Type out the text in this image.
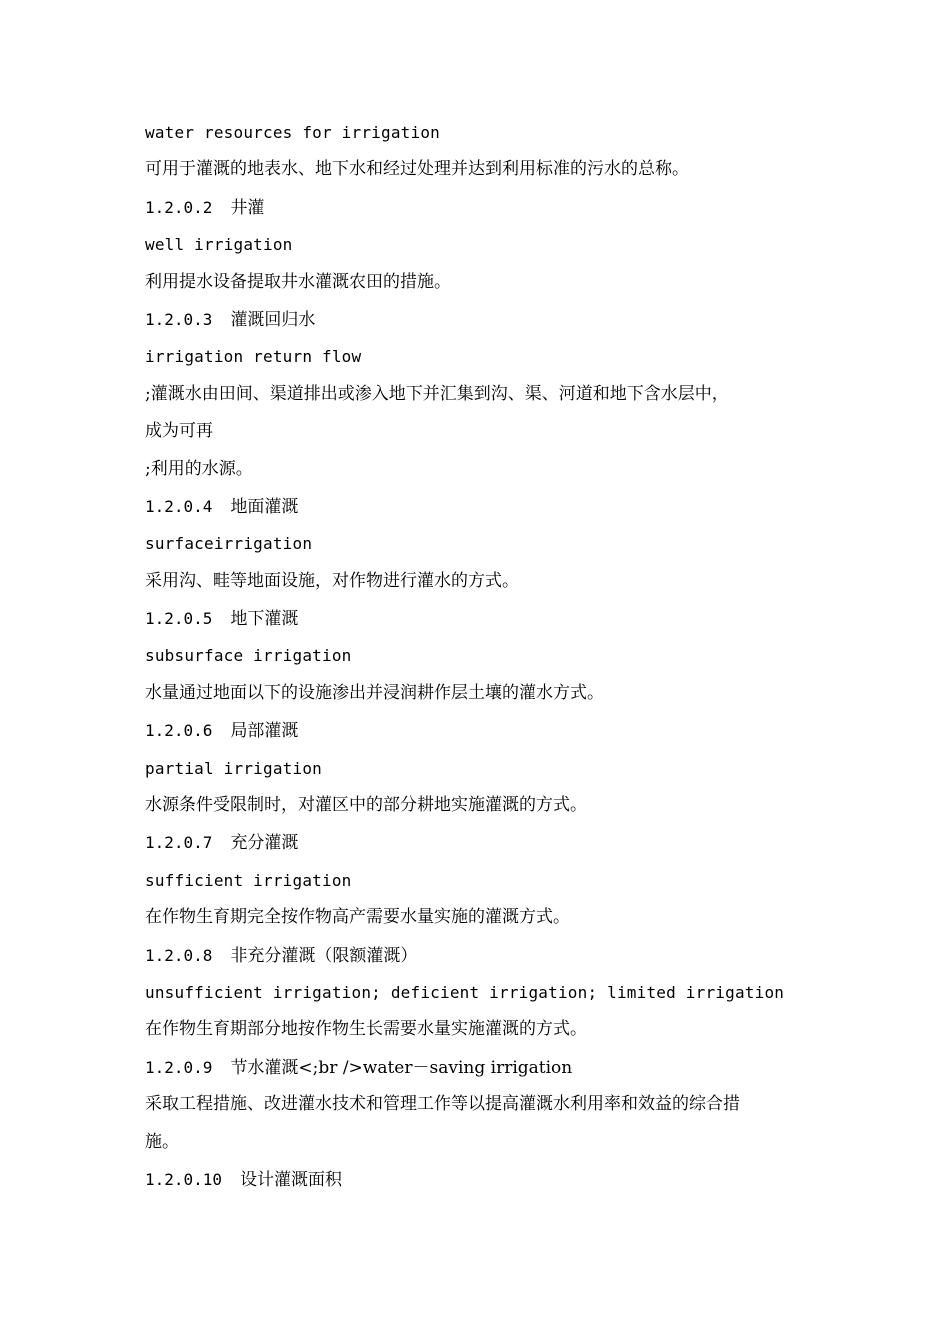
water resources for irrigation
可用于灌溉的地表水、地下水和经过处理并达到利用标准的污水的总称。
1.2.0.2 井灌
well irrigation
利用提水设备提取井水灌溉农田的措施。
1.2.0.3 灌溉回归水
irrigation return flow
;灌溉水由田间、渠道排出或渗入地下并汇集到沟、渠、河道和地下含水层中，
成为可再
;利用的水源。
1.2.0.4 地面灌溉
surfaceirrigation
采用沟、畦等地面设施，对作物进行灌水的方式。
1.2.0.5 地下灌溉
subsurface irrigation
水量通过地面以下的设施渗出并浸润耕作层土壤的灌水方式。
1.2.0.6 局部灌溉
partial irrigation
水源条件受限制时，对灌区中的部分耕地实施灌溉的方式。
1.2.0.7 充分灌溉
sufficient irrigation
在作物生育期完全按作物高产需要水量实施的灌溉方式。
1.2.0.8 非充分灌溉（限额灌溉）
unsufficient irrigation; deficient irrigation; limited irrigation
在作物生育期部分地按作物生长需要水量实施灌溉的方式。
1.2.0.9 节水灌溉<;br />water－saving irrigation
采取工程措施、改进灌水技术和管理工作等以提高灌溉水利用率和效益的综合措
施。
1.2.0.10 设计灌溉面积
